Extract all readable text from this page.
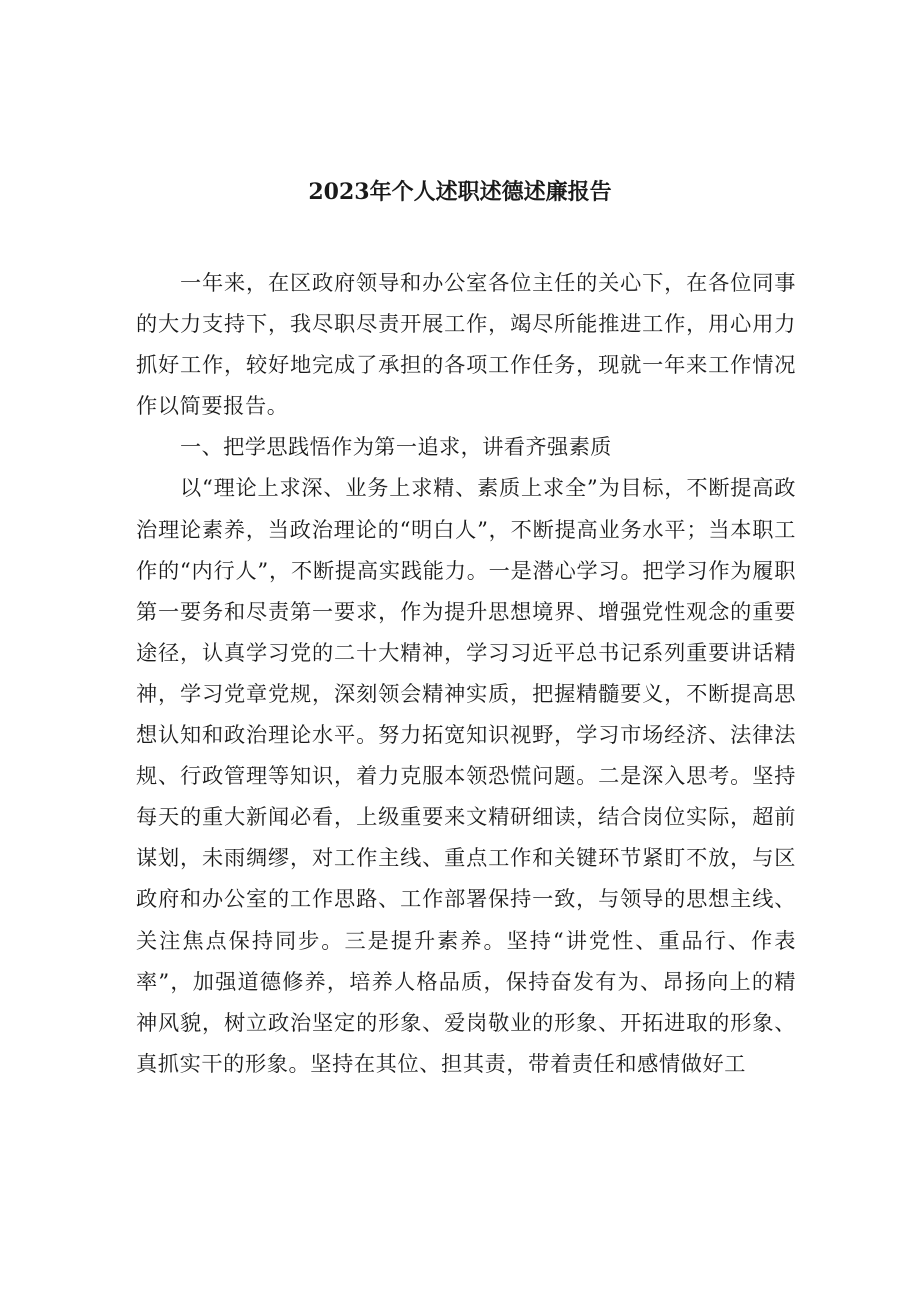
2023年个人述职述德述廉报告

一年来，在区政府领导和办公室各位主任的关心下，在各位同事的大力支持下，我尽职尽责开展工作，竭尽所能推进工作，用心用力抓好工作，较好地完成了承担的各项工作任务，现就一年来工作情况作以简要报告。

一、把学思践悟作为第一追求，讲看齐强素质

以“理论上求深、业务上求精、素质上求全”为目标，不断提高政治理论素养，当政治理论的“明白人”，不断提高业务水平；当本职工作的“内行人”，不断提高实践能力。一是潜心学习。把学习作为履职第一要务和尽责第一要求，作为提升思想境界、增强党性观念的重要途径，认真学习党的二十大精神，学习习近平总书记系列重要讲话精神，学习党章党规，深刻领会精神实质，把握精髓要义，不断提高思想认知和政治理论水平。努力拓宽知识视野，学习市场经济、法律法规、行政管理等知识，着力克服本领恐慌问题。二是深入思考。坚持每天的重大新闻必看，上级重要来文精研细读，结合岗位实际，超前谋划，未雨绸缪，对工作主线、重点工作和关键环节紧盯不放，与区政府和办公室的工作思路、工作部署保持一致，与领导的思想主线、关注焦点保持同步。三是提升素养。坚持“讲党性、重品行、作表率”，加强道德修养，培养人格品质，保持奋发有为、昂扬向上的精神风貌，树立政治坚定的形象、爱岗敬业的形象、开拓进取的形象、真抓实干的形象。坚持在其位、担其责，带着责任和感情做好工
